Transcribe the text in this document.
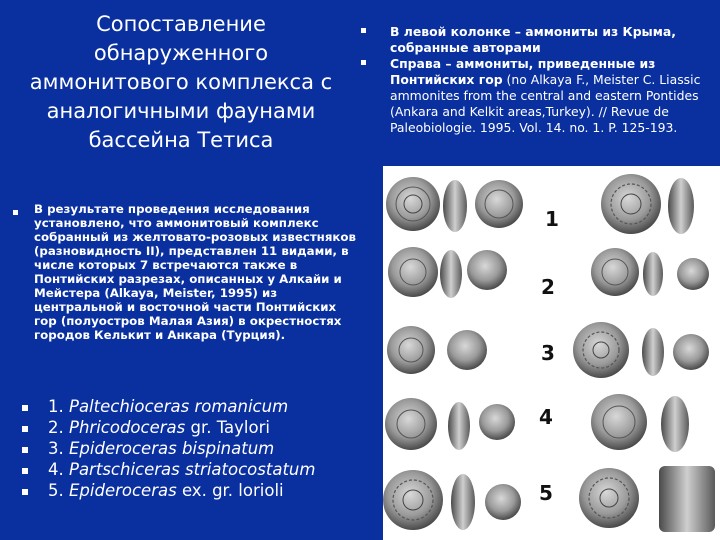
Сопоставление
обнаруженного
аммонитового комплекса с
аналогичными фаунами
бассейна Тетиса
В левой колонке – аммониты из Крыма, собранные авторами
Справа – аммониты, приведенные из Понтийских гор (no Alkaya F., Meister C. Liassic ammonites from the central and eastern Pontides (Ankara and Kelkit areas,Turkey). // Revue de Paleobiologie. 1995. Vol. 14. no. 1. P. 125-193.
В результате проведения исследования установлено, что аммонитовый комплекс собранный из желтовато-розовых известняков (разновидность II), представлен 11 видами, в числе которых 7 встречаются также в Понтийских разрезах, описанных у Алкайи и Мейстера (Alkaya, Meister, 1995) из центральной и восточной части Понтийских гор (полуостров Малая Азия) в окрестностях городов Келькит и Анкара (Турция).
1. Paltechioceras romanicum
2. Phricodoceras gr. Taylori
3. Epideroceras bispinatum
4. Partschiceras striatocostatum
5. Epideroceras ex. gr. lorioli
1
2
3
4
5
